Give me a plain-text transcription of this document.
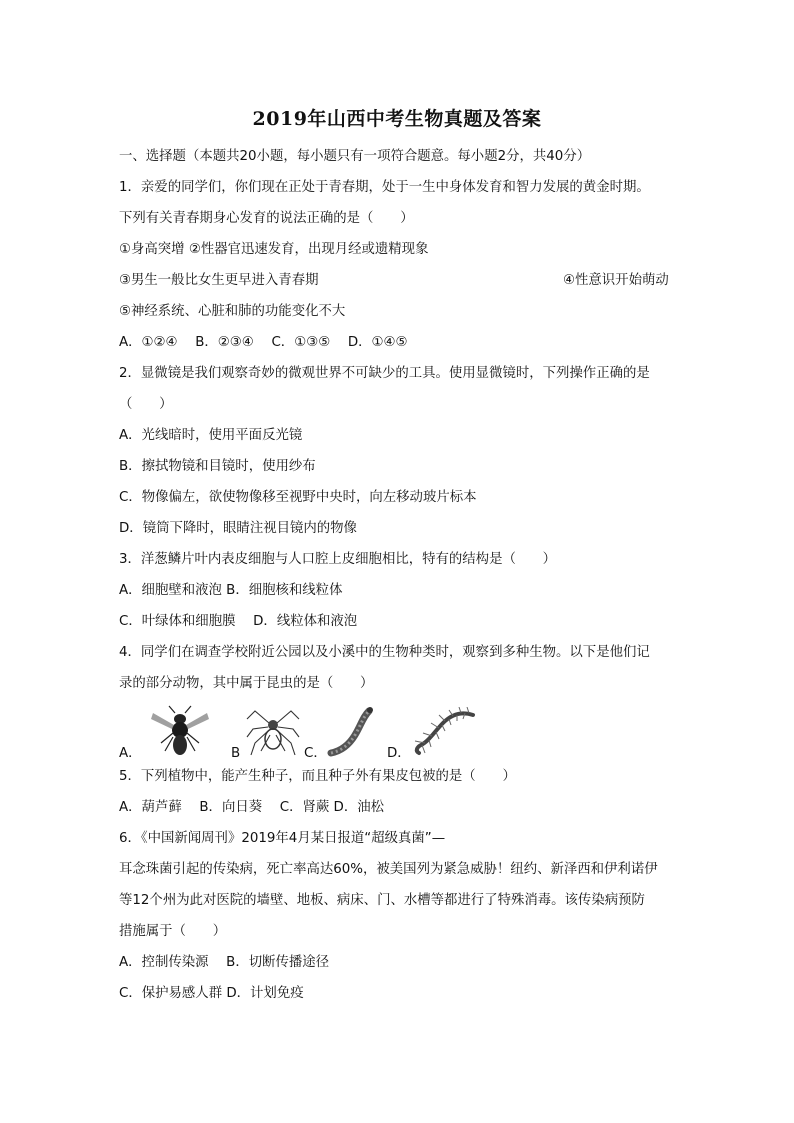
2019年山西中考生物真题及答案
一、选择题（本题共20小题，每小题只有一项符合题意。每小题2分，共40分）
1．亲爱的同学们，你们现在正处于青春期，处于一生中身体发育和智力发展的黄金时期。
下列有关青春期身心发育的说法正确的是（　　）
①身高突增 ②性器官迅速发育，出现月经或遗精现象
③男生一般比女生更早进入青春期	④性意识开始萌动
⑤神经系统、心脏和肺的功能变化不大
A．①②④　 B．②③④　 C．①③⑤　 D．①④⑤
2．显微镜是我们观察奇妙的微观世界不可缺少的工具。使用显微镜时，下列操作正确的是
（　　）
A．光线暗时，使用平面反光镜
B．擦拭物镜和目镜时，使用纱布
C．物像偏左，欲使物像移至视野中央时，向左移动玻片标本
D．镜筒下降时，眼睛注视目镜内的物像
3．洋葱鳞片叶内表皮细胞与人口腔上皮细胞相比，特有的结构是（　　）
A．细胞壁和液泡 B．细胞核和线粒体
C．叶绿体和细胞膜　 D．线粒体和液泡
4．同学们在调查学校附近公园以及小溪中的生物种类时，观察到多种生物。以下是他们记
录的部分动物，其中属于昆虫的是（　　）
A．	B	C．	D．
5．下列植物中，能产生种子，而且种子外有果皮包被的是（　　）
A．葫芦藓　 B．向日葵　 C．肾蕨 D．油松
6．《中国新闻周刊》2019年4月某日报道“超级真菌”—
耳念珠菌引起的传染病，死亡率高达60%，被美国列为紧急威胁！纽约、新泽西和伊利诺伊
等12个州为此对医院的墙壁、地板、病床、门、水槽等都进行了特殊消毒。该传染病预防
措施属于（　　）
A．控制传染源　 B．切断传播途径
C．保护易感人群 D．计划免疫
